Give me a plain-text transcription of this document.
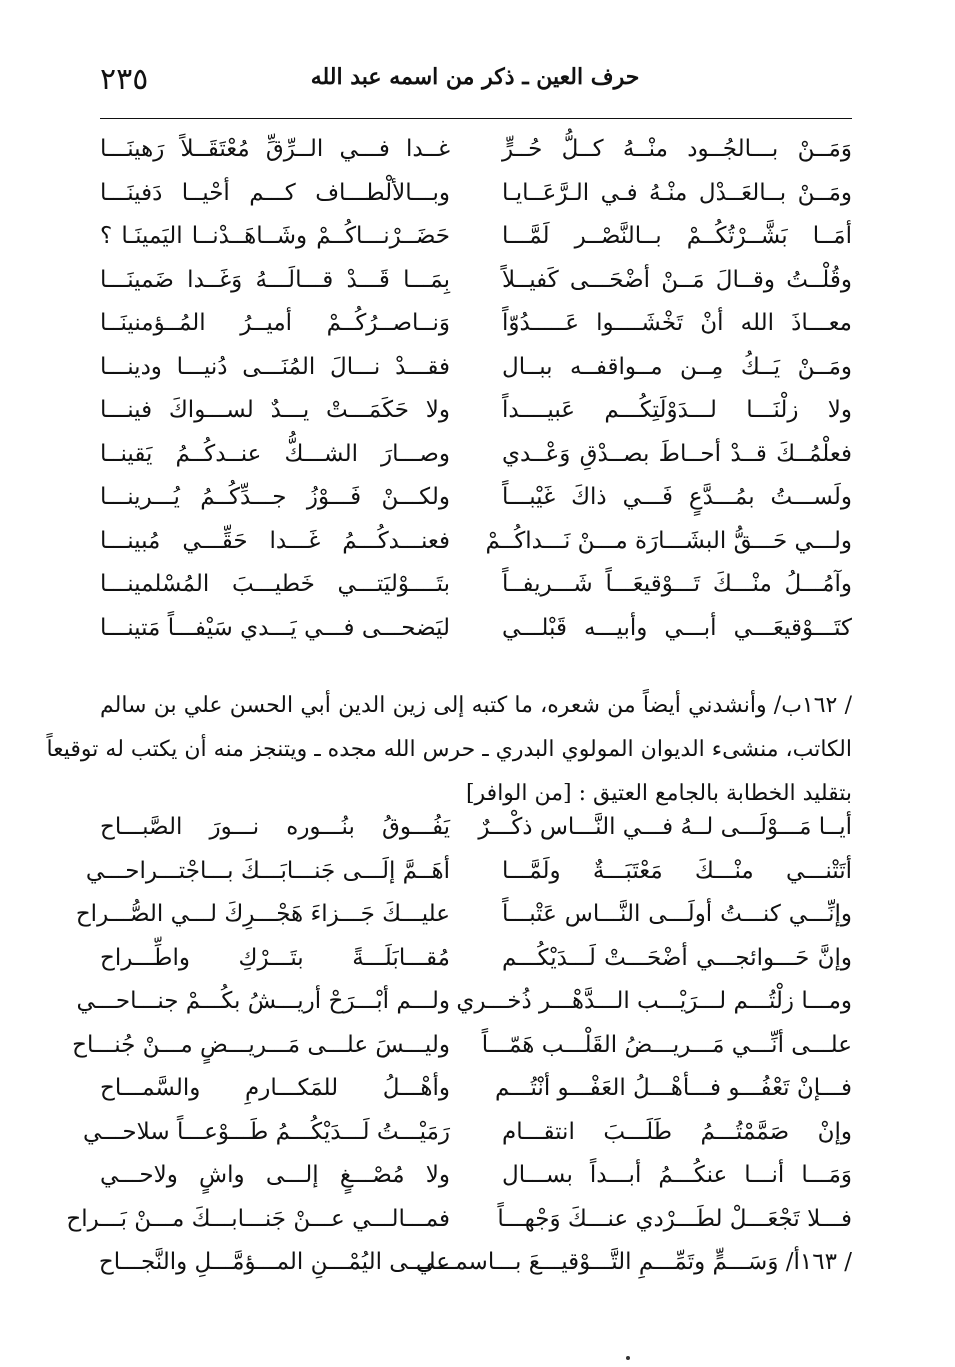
٢٣٥	حرف العين ـ ذكر من اسمه عبد الله
وَمَــنْ بـــالجُــود منْــهُ كــلُّ حُــرٍّ
غــدا فـــي الــرِّقِّ مُعْتَقَــلاً رَهينَـــا
ومَــنْ بــالعَــدْل منْـهُ فـي الـرَّعَــايـا
وبـــالألْطـــاف كـــم أحْيــا دَفينَـــا
أمَــا بَشَّــرْتُكُــمْ بــالنَّصْــر لَمَّـــا
حَضَــرْنـــاكُــمْ وشَــاهَــدْنــا اليَمينَـا ؟
وقُلْــتُ وقــالَ مَــنْ أضْحَـــى كَفيــلاً
بِمَـــا قَـــدْ قـــالَـــهُ وَغَــدا ضَمينَـــا
معـــاذَ الله أنْ تَخْشَــــوا عَـــــدُوّاً
وَنــاصــرُكُــمْ أميــرُ المُــؤمنينَــا
ومَــنْ يَــكُ مِــن مــواقفــه ببــال
فقـــدْ نـــالَ المُنَـــى دُنيـــا ودينـــا
ولا زلْنَـــا لـــدَوْلَتِكُـــم عَبيــــداً
ولا حَكَمَـــتْ يـــدٌ لســـواكَ فينـــا
فعلْمُــكَ قــدْ أحــاطَ بصــدْقِ وَعْــدي
وصـــارَ الشـــكُّ عنــدكُــمُ يَقينــا
ولَســـتُ بمُـــدَّعٍ فَـــي ذاكَ غَيْبـــاً
ولكـــنْ فَـــوْزُ جـــدِّكُــمُ يُـــرينـــا
ولـــي حَـــقُّ البشَـــارَة مـــنْ نَـــداكُــمْ
فعنـــدكُـــمُ غَـــدا حَقِّـــي مُبينـــا
وآمُـــلُ منْـــكَ تَـــوْقيعَـــاً شَـــريفــاً
بتَــــوْليَتـــي خَطيـــبَ المُسْلمينـــا
كتَـــوْقيعَـــي أبـــي وأبيـــه قَبْلـــي
ليَضحـــى فـــي يَـــدي سَيْفـــاً مَتينـــا
/ ١٦٢ب/ وأنشدني أيضاً من شعره، ما كتبه إلى زين الدين أبي الحسن علي بن سالم
الكاتب، منشىء الديوان المولوي البدري ـ حرس الله مجده ـ ويتنجز منه أن يكتب له توقيعاً
بتقليد الخطابة بالجامع العتيق : [من الوافر]
أيــا مَـــوْلَـــى لــهُ فـــي النَّـــاس ذكْـــرٌ
يَفُـــوقُ بنُـــوره نـــورَ الصَّبـــاح
أتَتْنـــي منْـــكَ مَعْتَبَـــةٌ ولَمَّـــا
أهَــمَّ إلَـــى جَنـــابَـــكَ بـــاجْتـــراحـــي
وإنِّـــي كنـــتُ أولَـــى النَّـــاس عَتْبـــاً
عليـــكَ جَـــزاءَ هَجْـــرِكَ لـــي الصُّـــراح
وإنَّ حَـــوائجـــي أضْحَـــتْ لَـــدَيْكُـــم
مُقـــابَلَـــةً بتَـــرْكِ واطِّـــراح
ومـــا زلْتُـــم لـــرَيْـــب الـــدَّهْـــر ذُخـــري
ولـــم أبْـــرَحْ أريـــشُ بكُـــمْ جنـــاحـــي
علـــى أنِّـــي مَـــريـــضُ القَلْـــب هَمّـــاً
وليـــسَ علـــى مَـــريـــضٍ مـــنْ جُنـــاح
فـــإنْ تَعْفُـــو فـــأهْـــلُ العَفْـــو أنْتُـــم
وأهْـــلُ للمَكـــارمِ والسَّمـــاح
وإنْ صَمَّمْتُـــمُ طَلَـــبَ انتقـــام
رَمَيْـــتُ لَـــدَيْكُـــمُ طَـــوْعـــاً سلاحـــي
وَمَـــا أنـــا عنكُـــمُ أبـــداً بســـال
ولا مُصْـــغٍ إلـــى واشٍ ولاحـــي
فـــلا تَجْعَـــلْ لطَـــرْدي عنـــكَ وَجْهـــاً
فمـــالـــي عـــنْ جَنـــابـــكَ مـــنْ بَـــراح
/ ١٦٣أ/ وَسَـــمٍّ وتَمِّـــمِ التَّـــوْقيـــعَ بـــاسمـــي
علـــى اليُمْـــنِ المـــؤمَّـــلِ والنَّجـــاح
